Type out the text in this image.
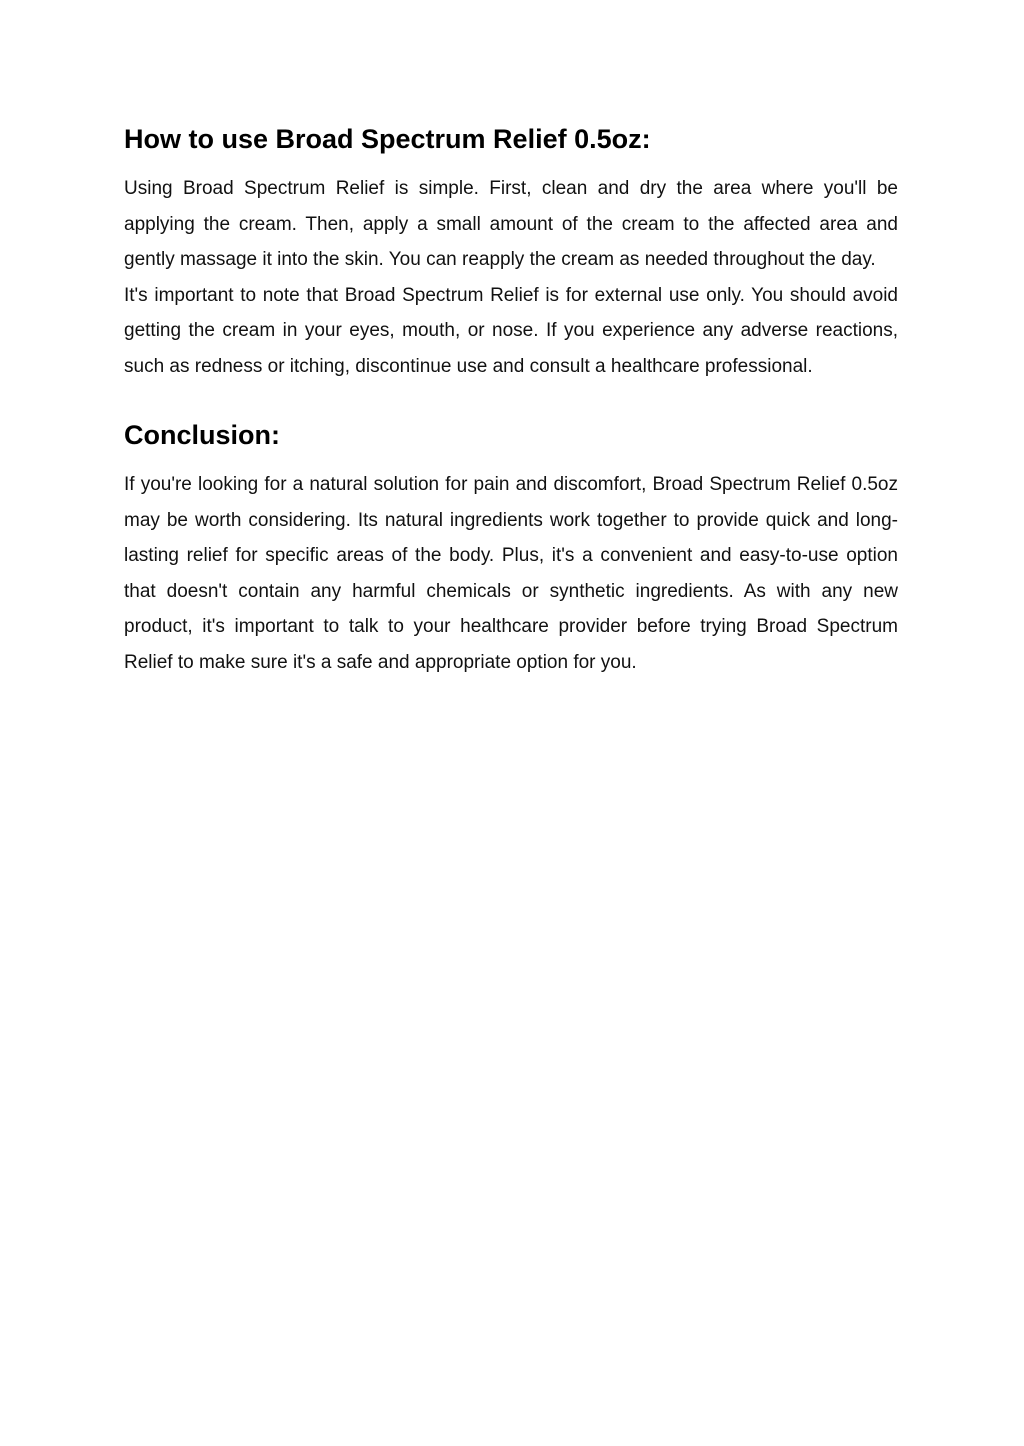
How to use Broad Spectrum Relief 0.5oz:

Using Broad Spectrum Relief is simple. First, clean and dry the area where you'll be applying the cream. Then, apply a small amount of the cream to the affected area and gently massage it into the skin. You can reapply the cream as needed throughout the day.

It's important to note that Broad Spectrum Relief is for external use only. You should avoid getting the cream in your eyes, mouth, or nose. If you experience any adverse reactions, such as redness or itching, discontinue use and consult a healthcare professional.

Conclusion:

If you're looking for a natural solution for pain and discomfort, Broad Spectrum Relief 0.5oz may be worth considering. Its natural ingredients work together to provide quick and long-lasting relief for specific areas of the body. Plus, it's a convenient and easy-to-use option that doesn't contain any harmful chemicals or synthetic ingredients. As with any new product, it's important to talk to your healthcare provider before trying Broad Spectrum Relief to make sure it's a safe and appropriate option for you.
